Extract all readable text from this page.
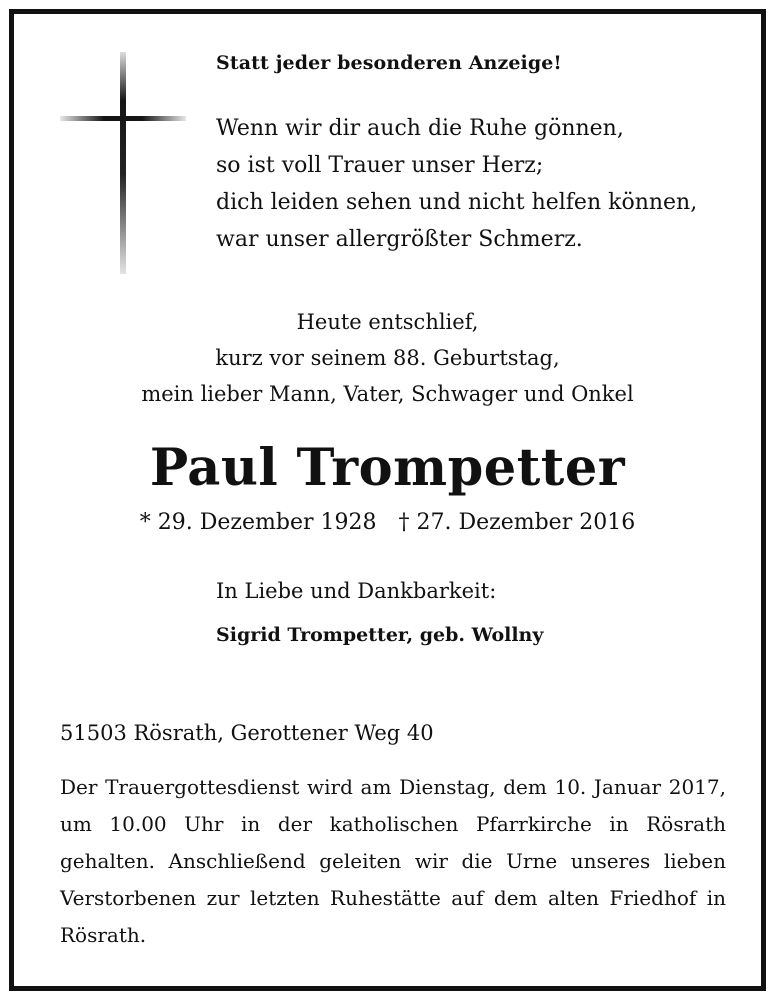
Statt jeder besonderen Anzeige!
Wenn wir dir auch die Ruhe gönnen,
so ist voll Trauer unser Herz;
dich leiden sehen und nicht helfen können,
war unser allergrößter Schmerz.
Heute entschlief,
kurz vor seinem 88. Geburtstag,
mein lieber Mann, Vater, Schwager und Onkel
Paul Trompetter
* 29. Dezember 1928 † 27. Dezember 2016
In Liebe und Dankbarkeit:
Sigrid Trompetter, geb. Wollny
51503 Rösrath, Gerottener Weg 40
Der Trauergottesdienst wird am Dienstag, dem 10. Januar 2017, um 10.00 Uhr in der katholischen Pfarrkirche in Rösrath gehalten. Anschließend geleiten wir die Urne unseres lieben Verstorbenen zur letzten Ruhestätte auf dem alten Friedhof in Rösrath.
